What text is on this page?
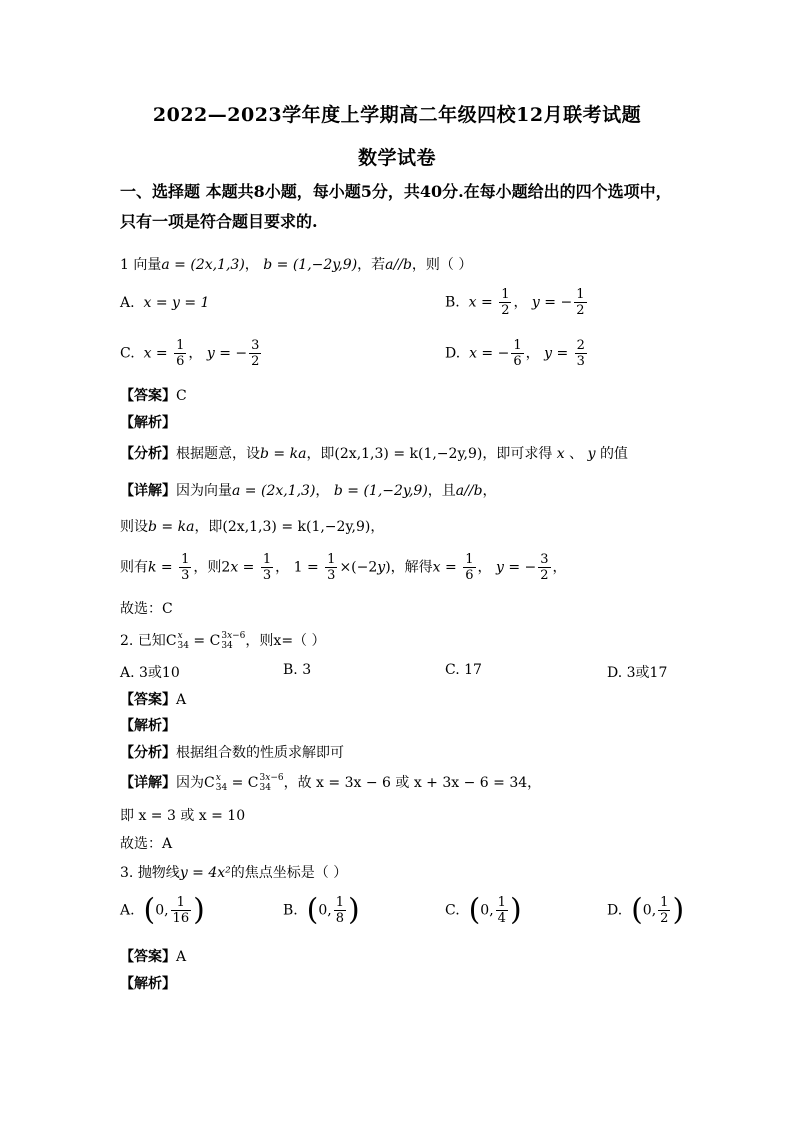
2022—2023学年度上学期高二年级四校12月联考试题
数学试卷
一、选择题 本题共8小题，每小题5分，共40分.在每小题给出的四个选项中，
只有一项是符合题目要求的.
1 向量a = (2x,1,3)， b = (1,−2y,9)，若a//b，则（ ）
A.  x = y = 1	B.  $x = \frac{1}{2}$ ， y = − $\frac{1}{2}$
C.  $x = \frac{1}{6}$ ， y = − $\frac{3}{2}$	D.  x = − $\frac{1}{6}$ ， $y = \frac{2}{3}$
【答案】C
【解析】
【分析】根据题意，设b = ka，即(2x,1,3) = k(1,−2y,9)，即可求得 x 、 y 的值
【详解】因为向量a = (2x,1,3)， b = (1,−2y,9)，且a//b，
则设b = ka，即(2x,1,3) = k(1,−2y,9)，
则有$k = \frac{1}{3}$ ，则$2x = \frac{1}{3}$ ， $1 = \frac{1}{3} \times(-2y)$，解得$x = \frac{1}{6}$ ， y = − $\frac{3}{2}$ ，
故选：C
2. 已知C x
34 = C 3x−6
34 ，则x=（ ）
A. 3或10	B. 3	C. 17	D. 3或17
【答案】A
【解析】
【分析】根据组合数的性质求解即可
【详解】因为C x
34 = C 3x−6
34 ，故 x = 3x − 6 或 x + 3x − 6 = 34，
即 x = 3 或 x = 10
故选：A
3. 抛物线y = 4x²的焦点坐标是（ ）
A.  (0, $\frac{1}{16}$ )	B.  (0, $\frac{1}{8}$ )	C.  (0, $\frac{1}{4}$ )	D.  (0, $\frac{1}{2}$ )
【答案】A
【解析】
